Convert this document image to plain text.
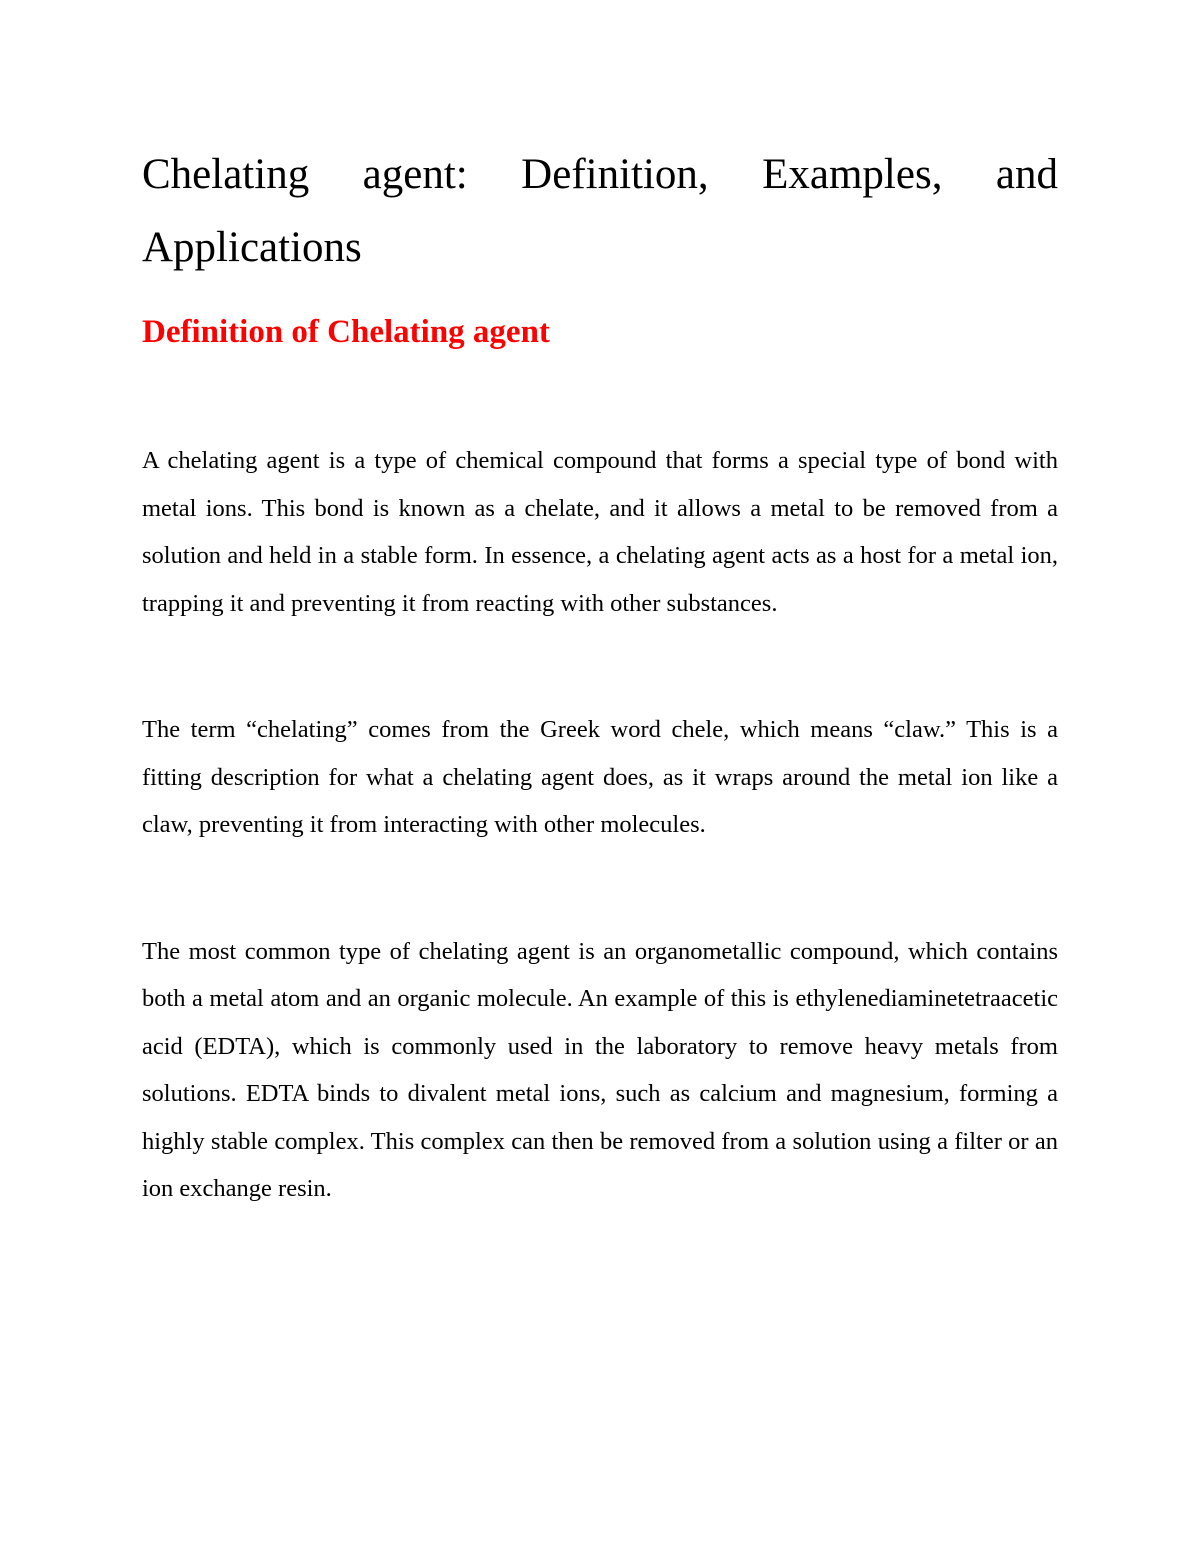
Chelating agent: Definition, Examples, and Applications
Definition of Chelating agent

A chelating agent is a type of chemical compound that forms a special type of bond with metal ions. This bond is known as a chelate, and it allows a metal to be removed from a solution and held in a stable form. In essence, a chelating agent acts as a host for a metal ion, trapping it and preventing it from reacting with other substances.

The term “chelating” comes from the Greek word chele, which means “claw.” This is a fitting description for what a chelating agent does, as it wraps around the metal ion like a claw, preventing it from interacting with other molecules.

The most common type of chelating agent is an organometallic compound, which contains both a metal atom and an organic molecule. An example of this is ethylenediaminetetraacetic acid (EDTA), which is commonly used in the laboratory to remove heavy metals from solutions. EDTA binds to divalent metal ions, such as calcium and magnesium, forming a highly stable complex. This complex can then be removed from a solution using a filter or an ion exchange resin.
